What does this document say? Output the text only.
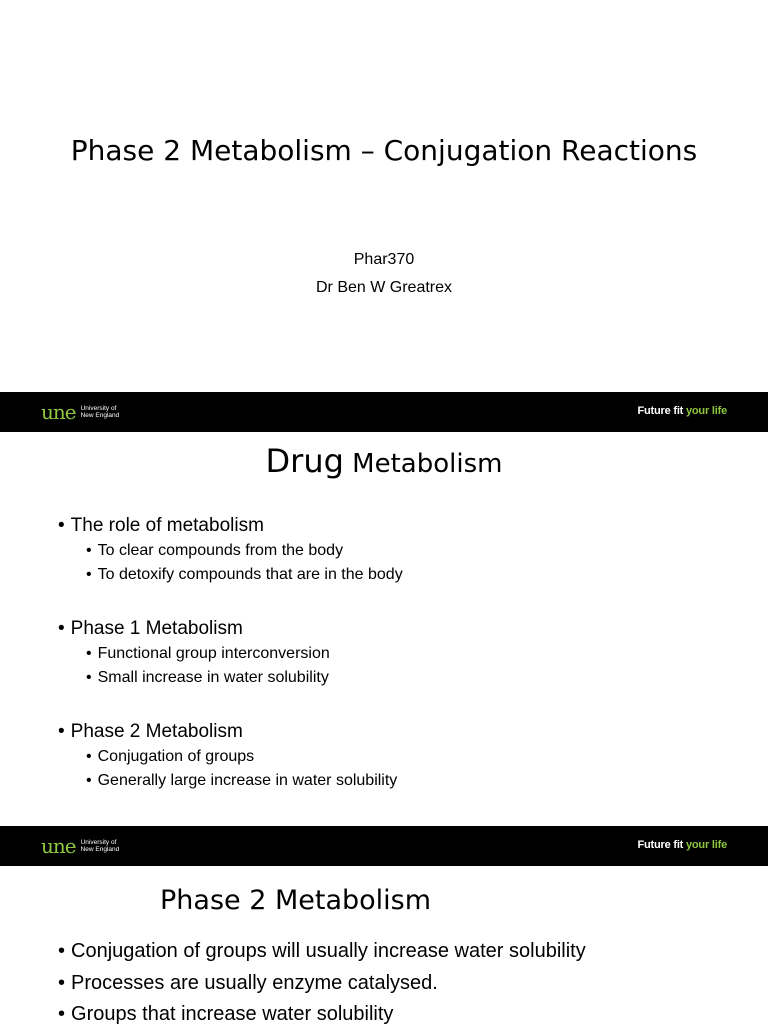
Phase 2 Metabolism – Conjugation Reactions
Phar370
Dr Ben W Greatrex
une University of
New England	Future fit your life
Drug Metabolism
• The role of metabolism
• To clear compounds from the body
• To detoxify compounds that are in the body
• Phase 1 Metabolism
• Functional group interconversion
• Small increase in water solubility
• Phase 2 Metabolism
• Conjugation of groups
• Generally large increase in water solubility
une University of
New England	Future fit your life
Phase 2 Metabolism
• Conjugation of groups will usually increase water solubility
• Processes are usually enzyme catalysed.
• Groups that increase water solubility
